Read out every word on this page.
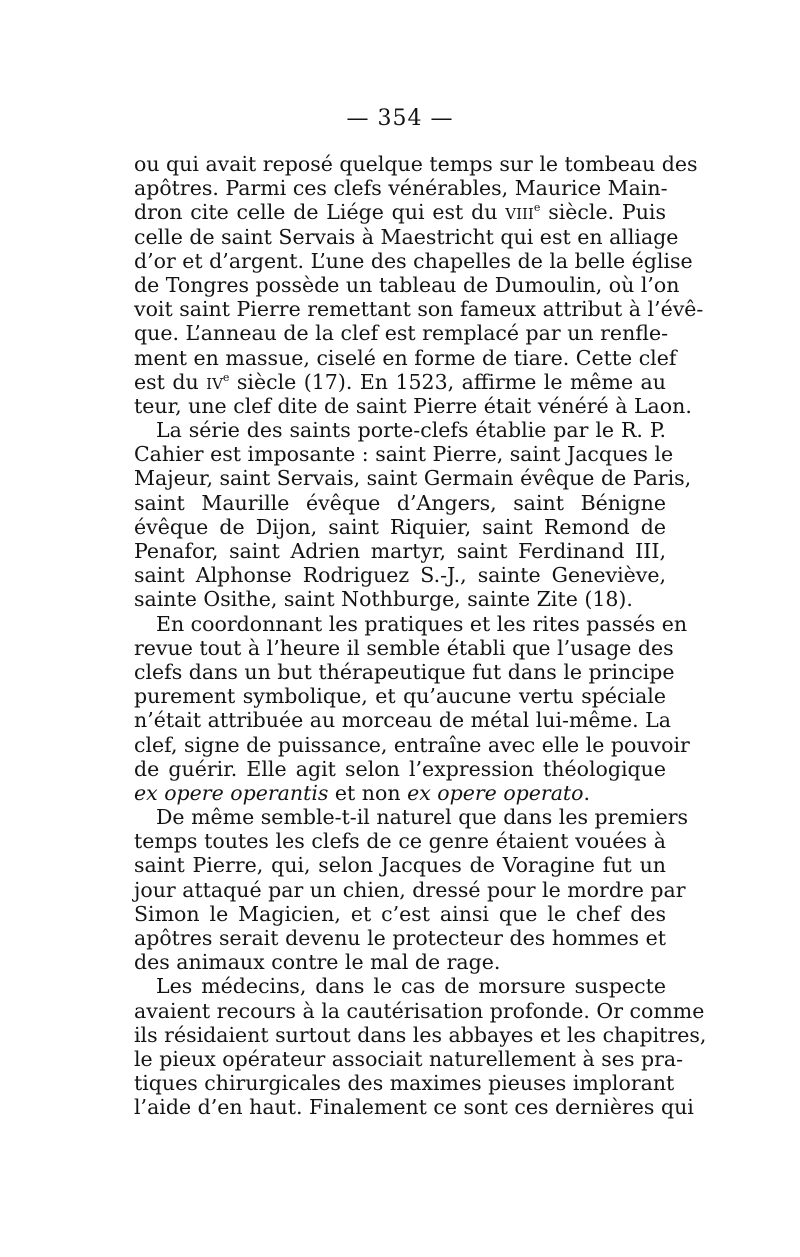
— 354 —
ou qui avait reposé quelque temps sur le tombeau des
apôtres. Parmi ces clefs vénérables, Maurice Main-
dron cite celle de Liége qui est du VIIIe siècle. Puis
celle de saint Servais à Maestricht qui est en alliage
d’or et d’argent. L’une des chapelles de la belle église
de Tongres possède un tableau de Dumoulin, où l’on
voit saint Pierre remettant son fameux attribut à l’évê-
que. L’anneau de la clef est remplacé par un renfle-
ment en massue, ciselé en forme de tiare. Cette clef
est du IVe siècle (17). En 1523, affirme le même au
teur, une clef dite de saint Pierre était vénéré à Laon.
La série des saints porte-clefs établie par le R. P.
Cahier est imposante : saint Pierre, saint Jacques le
Majeur, saint Servais, saint Germain évêque de Paris,
saint Maurille évêque d’Angers, saint Bénigne
évêque de Dijon, saint Riquier, saint Remond de
Penafor, saint Adrien martyr, saint Ferdinand III,
saint Alphonse Rodriguez S.-J., sainte Geneviève,
sainte Osithe, saint Nothburge, sainte Zite (18).
En coordonnant les pratiques et les rites passés en
revue tout à l’heure il semble établi que l’usage des
clefs dans un but thérapeutique fut dans le principe
purement symbolique, et qu’aucune vertu spéciale
n’était attribuée au morceau de métal lui-même. La
clef, signe de puissance, entraîne avec elle le pouvoir
de guérir. Elle agit selon l’expression théologique
ex opere operantis et non ex opere operato.
De même semble-t-il naturel que dans les premiers
temps toutes les clefs de ce genre étaient vouées à
saint Pierre, qui, selon Jacques de Voragine fut un
jour attaqué par un chien, dressé pour le mordre par
Simon le Magicien, et c’est ainsi que le chef des
apôtres serait devenu le protecteur des hommes et
des animaux contre le mal de rage.
Les médecins, dans le cas de morsure suspecte
avaient recours à la cautérisation profonde. Or comme
ils résidaient surtout dans les abbayes et les chapitres,
le pieux opérateur associait naturellement à ses pra-
tiques chirurgicales des maximes pieuses implorant
l’aide d’en haut. Finalement ce sont ces dernières qui
